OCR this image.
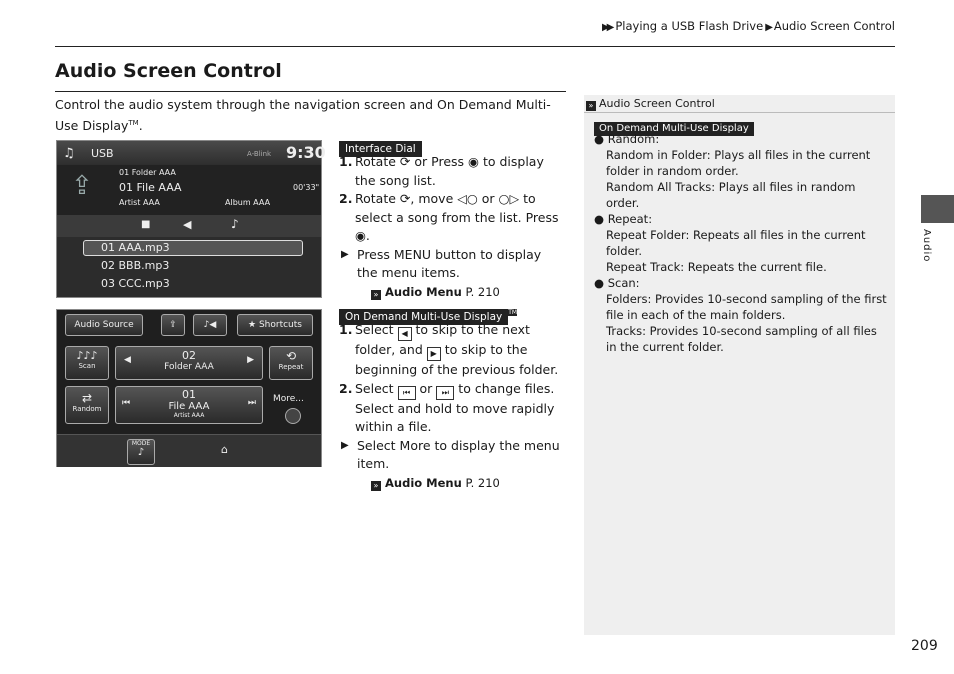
▶▶ Playing a USB Flash Drive ▶ Audio Screen Control
Audio Screen Control
Control the audio system through the navigation screen and On Demand Multi-Use Display™.
♫ USB	A-Blink 9:30
⇪	01 Folder AAA
01 File AAA
Artist AAA	Album AAA
00'33"
■	◀	♪
01 AAA.mp3
02 BBB.mp3
03 CCC.mp3
Audio Source	⇪	♪◀	★ Shortcuts
♪♪♪
Scan
◀	02
Folder AAA
▶	⟲
Repeat
⇄
Random
⏮
01
File AAA
Artist AAA
⏭ More...
MODE
♪	⌂
Interface Dial
1. Rotate ⟳ or Press ◉ to display the song list.
2. Rotate ⟳, move ◁○ or ○▷ to select a song from the list. Press ◉.
▶ Press MENU button to display the menu items.
» Audio Menu P. 210
On Demand Multi-Use Display ™
1. Select ◀ to skip to the next folder, and ▶ to skip to the beginning of the previous folder.
2. Select ⏮ or ⏭ to change files. Select and hold to move rapidly within a file.
▶ Select More to display the menu item.
» Audio Menu P. 210
» Audio Screen Control
On Demand Multi-Use Display
● Random:
Random in Folder: Plays all files in the current folder in random order.
Random All Tracks: Plays all files in random order.
● Repeat:
Repeat Folder: Repeats all files in the current folder.
Repeat Track: Repeats the current file.
● Scan:
Folders: Provides 10-second sampling of the first file in each of the main folders.
Tracks: Provides 10-second sampling of all files in the current folder.
Audio
209
